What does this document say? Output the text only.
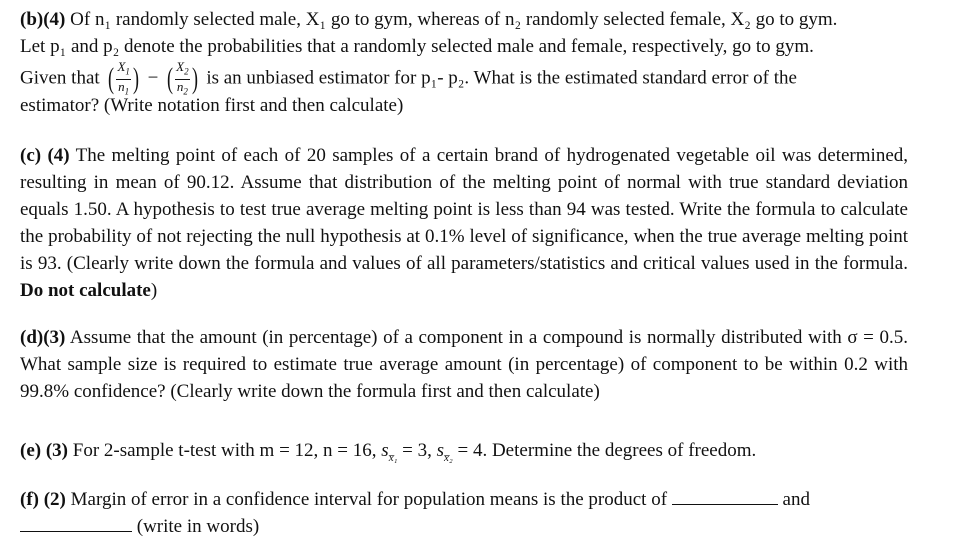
(b)(4) Of n₁ randomly selected male, X₁ go to gym, whereas of n₂ randomly selected female, X₂ go to gym.

Let p₁ and p₂ denote the probabilities that a randomly selected male and female, respectively, go to gym.

Given that ( $\frac{X_1}{n_1}$ ) − ( $\frac{X_2}{n_2}$ ) is an unbiased estimator for p₁- p₂. What is the estimated standard error of the

estimator? (Write notation first and then calculate)

(c) (4) The melting point of each of 20 samples of a certain brand of hydrogenated vegetable oil was determined, resulting in mean of 90.12. Assume that distribution of the melting point of normal with true standard deviation equals 1.50. A hypothesis to test true average melting point is less than 94 was tested. Write the formula to calculate the probability of not rejecting the null hypothesis at 0.1% level of significance, when the true average melting point is 93. (Clearly write down the formula and values of all parameters/statistics and critical values used in the formula. Do not calculate)

(d)(3) Assume that the amount (in percentage) of a component in a compound is normally distributed with σ = 0.5. What sample size is required to estimate true average amount (in percentage) of component to be within 0.2 with 99.8% confidence? (Clearly write down the formula first and then calculate)

(e) (3) For 2-sample t-test with m = 12, n = 16, $s_{x̅_1} = 3$, $s_{x̅_2} = 4$. Determine the degrees of freedom.

(f) (2) Margin of error in a confidence interval for population means is the product of	and

(write in words)
